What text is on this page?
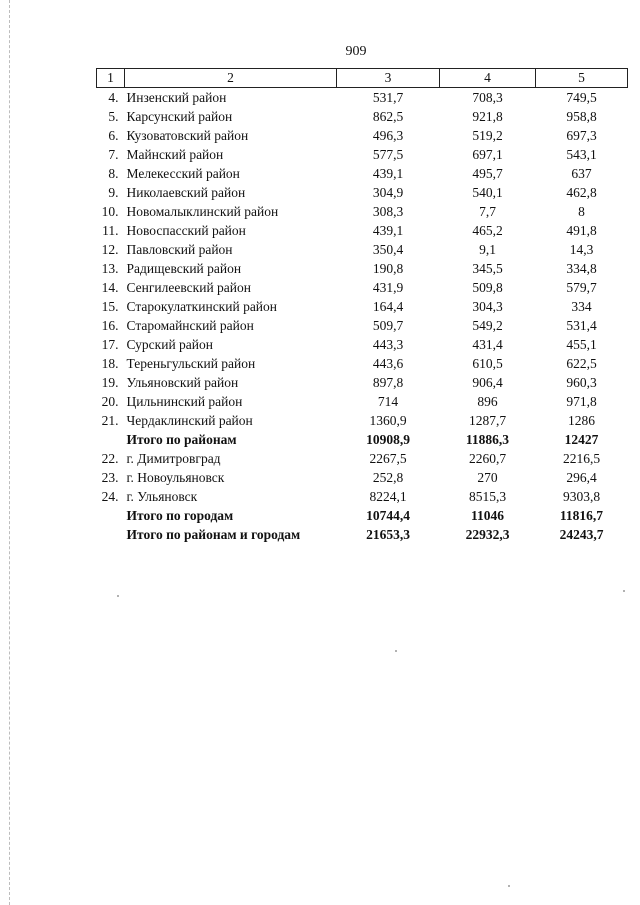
909
1	2	3	4	5
4.	Инзенский район	531,7	708,3	749,5
5.	Карсунский район	862,5	921,8	958,8
6.	Кузоватовский район	496,3	519,2	697,3
7.	Майнский район	577,5	697,1	543,1
8.	Мелекесский район	439,1	495,7	637
9.	Николаевский район	304,9	540,1	462,8
10.	Новомалыклинский район	308,3	7,7	8
11.	Новоспасский район	439,1	465,2	491,8
12.	Павловский район	350,4	9,1	14,3
13.	Радищевский район	190,8	345,5	334,8
14.	Сенгилеевский район	431,9	509,8	579,7
15.	Старокулаткинский район	164,4	304,3	334
16.	Старомайнский район	509,7	549,2	531,4
17.	Сурский район	443,3	431,4	455,1
18.	Тереньгульский район	443,6	610,5	622,5
19.	Ульяновский район	897,8	906,4	960,3
20.	Цильнинский район	714	896	971,8
21.	Чердаклинский район	1360,9	1287,7	1286
	Итого по районам	10908,9	11886,3	12427
22.	г. Димитровград	2267,5	2260,7	2216,5
23.	г. Новоульяновск	252,8	270	296,4
24.	г. Ульяновск	8224,1	8515,3	9303,8
	Итого по городам	10744,4	11046	11816,7
	Итого по районам и городам	21653,3	22932,3	24243,7
